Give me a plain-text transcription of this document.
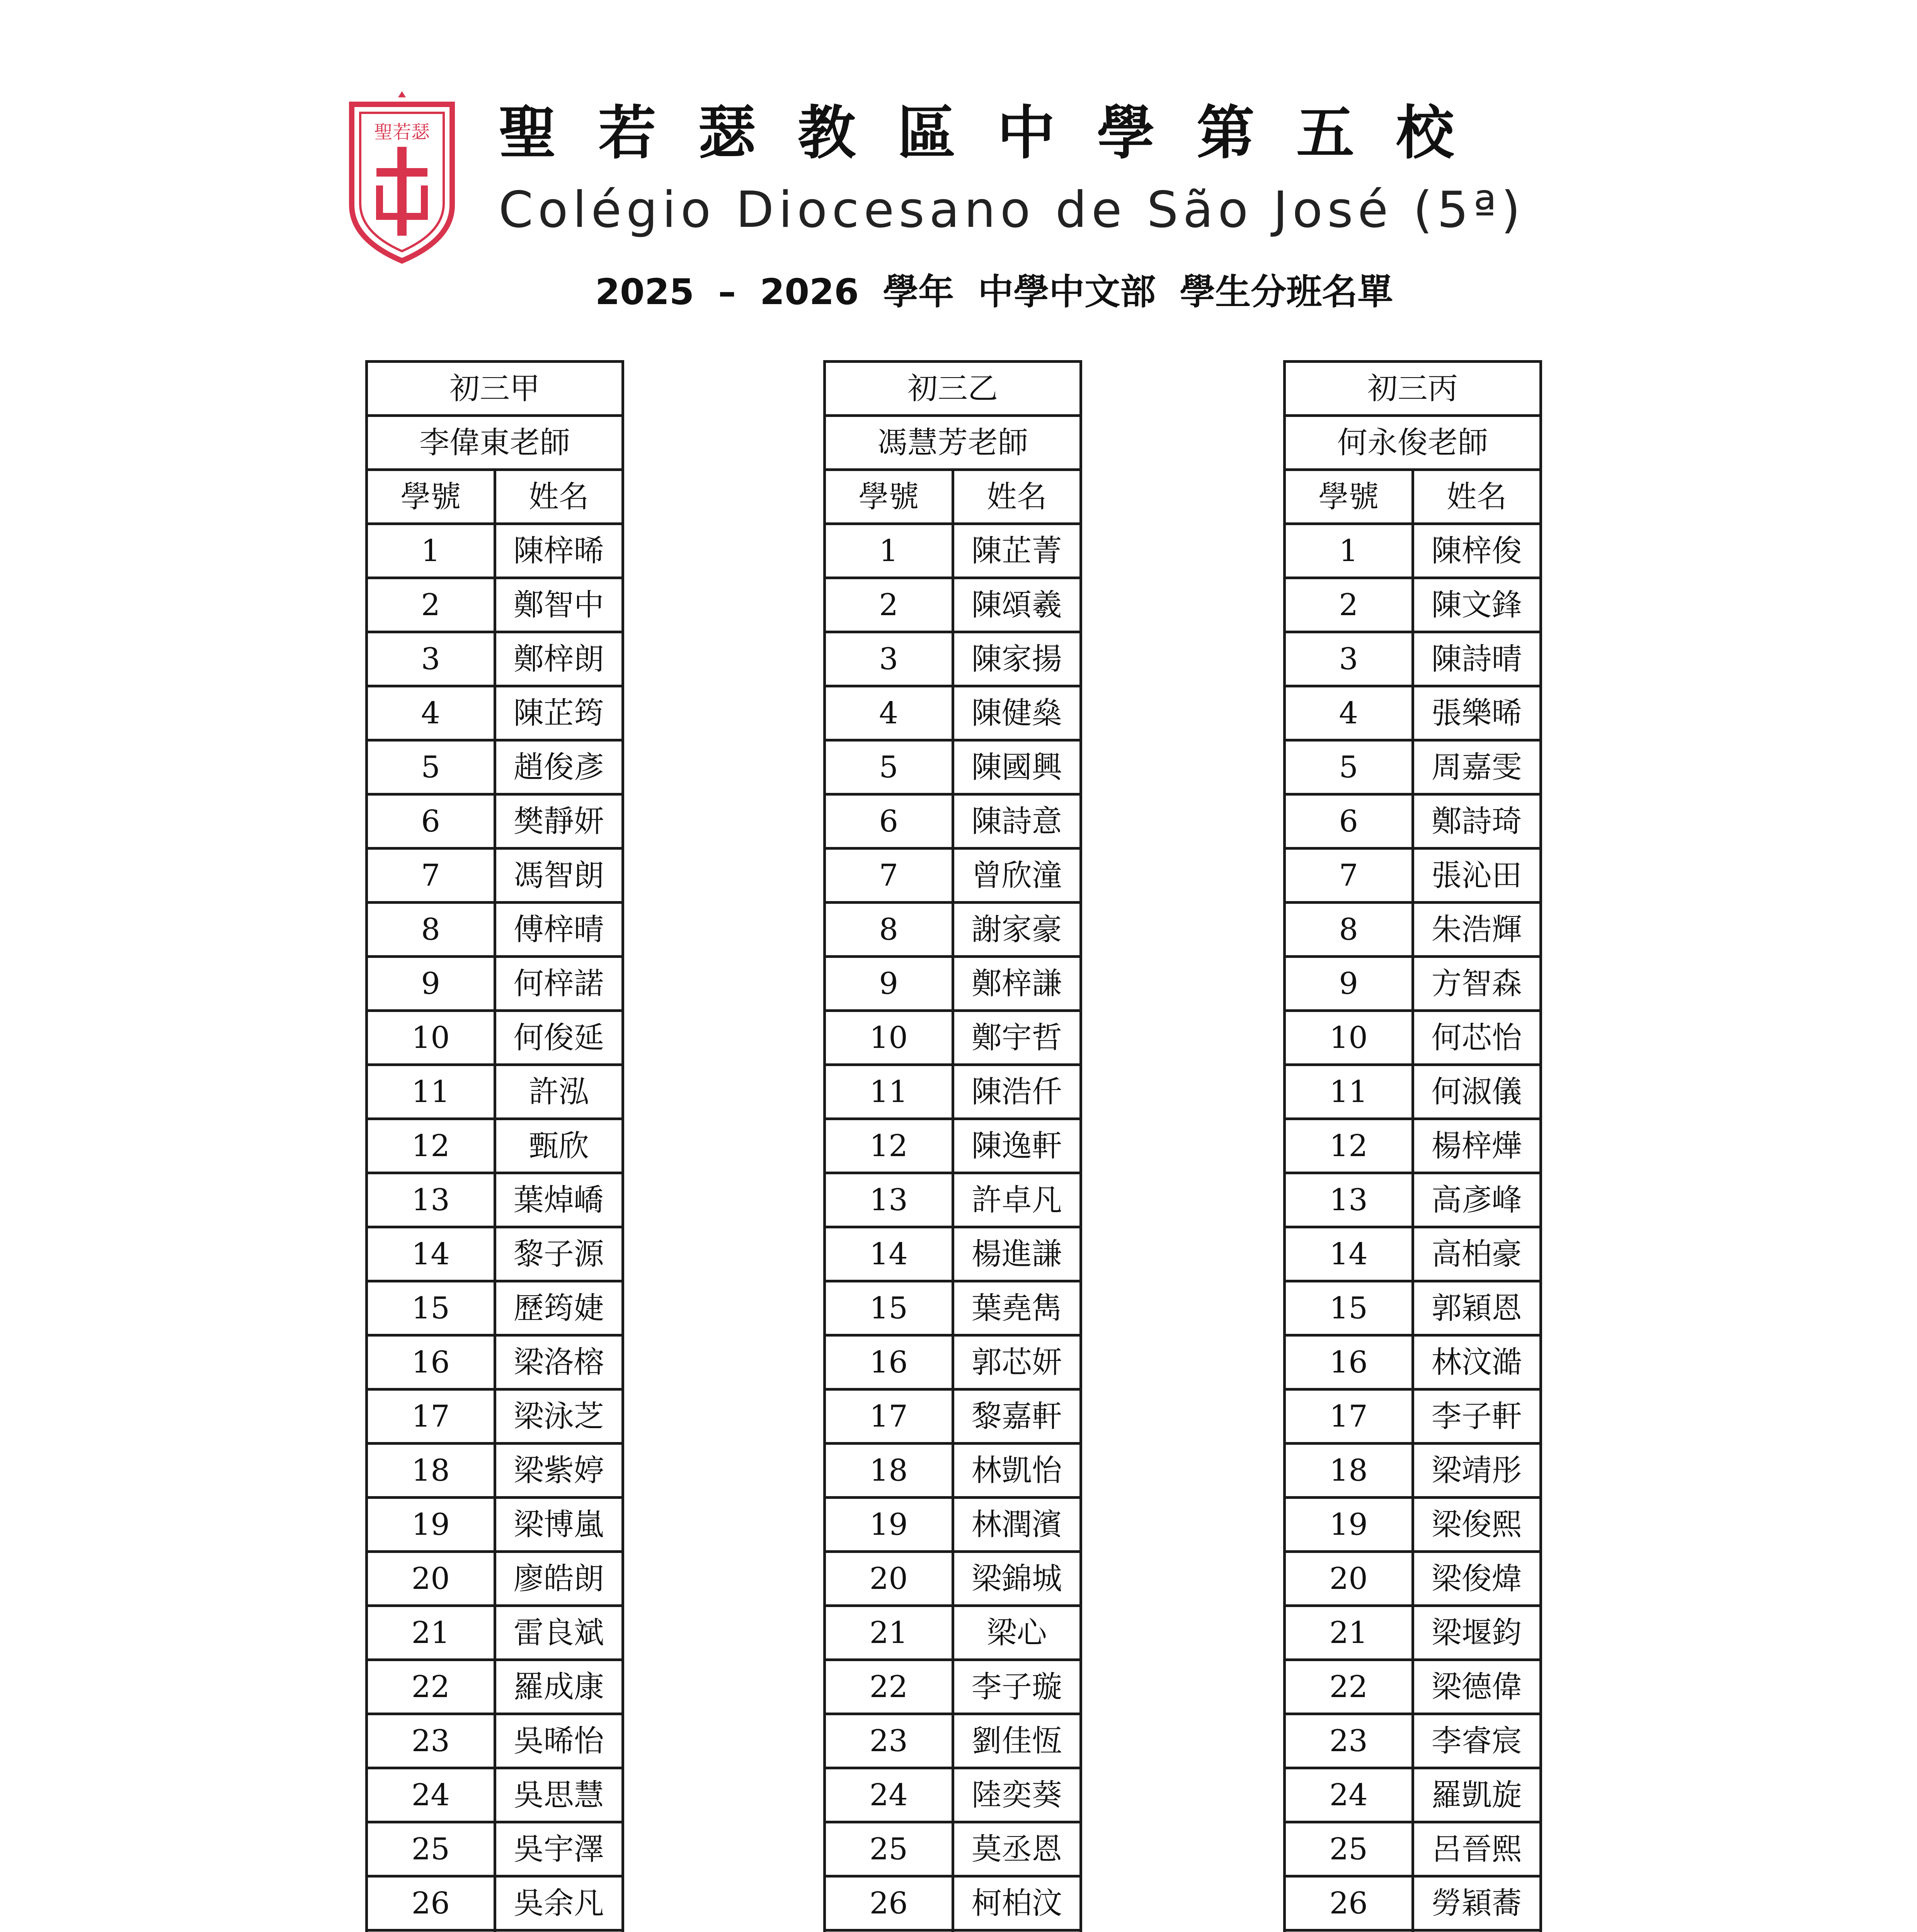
聖若瑟 聖若瑟教區中學第五校
Colégio Diocesano de São José (5ª)
2025 – 2026 學年 中學中文部 學生分班名單
初三甲	
李偉東老師	
學號	姓名
1	陳梓晞
2	鄭智中
3	鄭梓朗
4	陳芷筠
5	趙俊彥
6	樊靜妍
7	馮智朗
8	傅梓晴
9	何梓諾
10	何俊延
11	許泓
12	甄欣
13	葉焯嶠
14	黎子源
15	歷筠婕
16	梁洛榕
17	梁泳芝
18	梁紫婷
19	梁博嵐
20	廖皓朗
21	雷良斌
22	羅成康
23	吳晞怡
24	吳思慧
25	吳宇澤
26	吳余凡

初三乙	
馮慧芳老師	
學號	姓名
1	陳芷菁
2	陳頌羲
3	陳家揚
4	陳健燊
5	陳國興
6	陳詩意
7	曾欣潼
8	謝家豪
9	鄭梓謙
10	鄭宇哲
11	陳浩仟
12	陳逸軒
13	許卓凡
14	楊進謙
15	葉堯雋
16	郭芯妍
17	黎嘉軒
18	林凱怡
19	林潤濱
20	梁錦城
21	梁心
22	李子璇
23	劉佳恆
24	陸奕葵
25	莫丞恩
26	柯柏汶

初三丙	
何永俊老師	
學號	姓名
1	陳梓俊
2	陳文鋒
3	陳詩晴
4	張樂晞
5	周嘉雯
6	鄭詩琦
7	張沁田
8	朱浩輝
9	方智森
10	何芯怡
11	何淑儀
12	楊梓燁
13	高彥峰
14	高柏豪
15	郭穎恩
16	林汶澔
17	李子軒
18	梁靖彤
19	梁俊熙
20	梁俊煒
21	梁堰鈞
22	梁德偉
23	李睿宸
24	羅凱旋
25	呂晉熙
26	勞穎蕎
